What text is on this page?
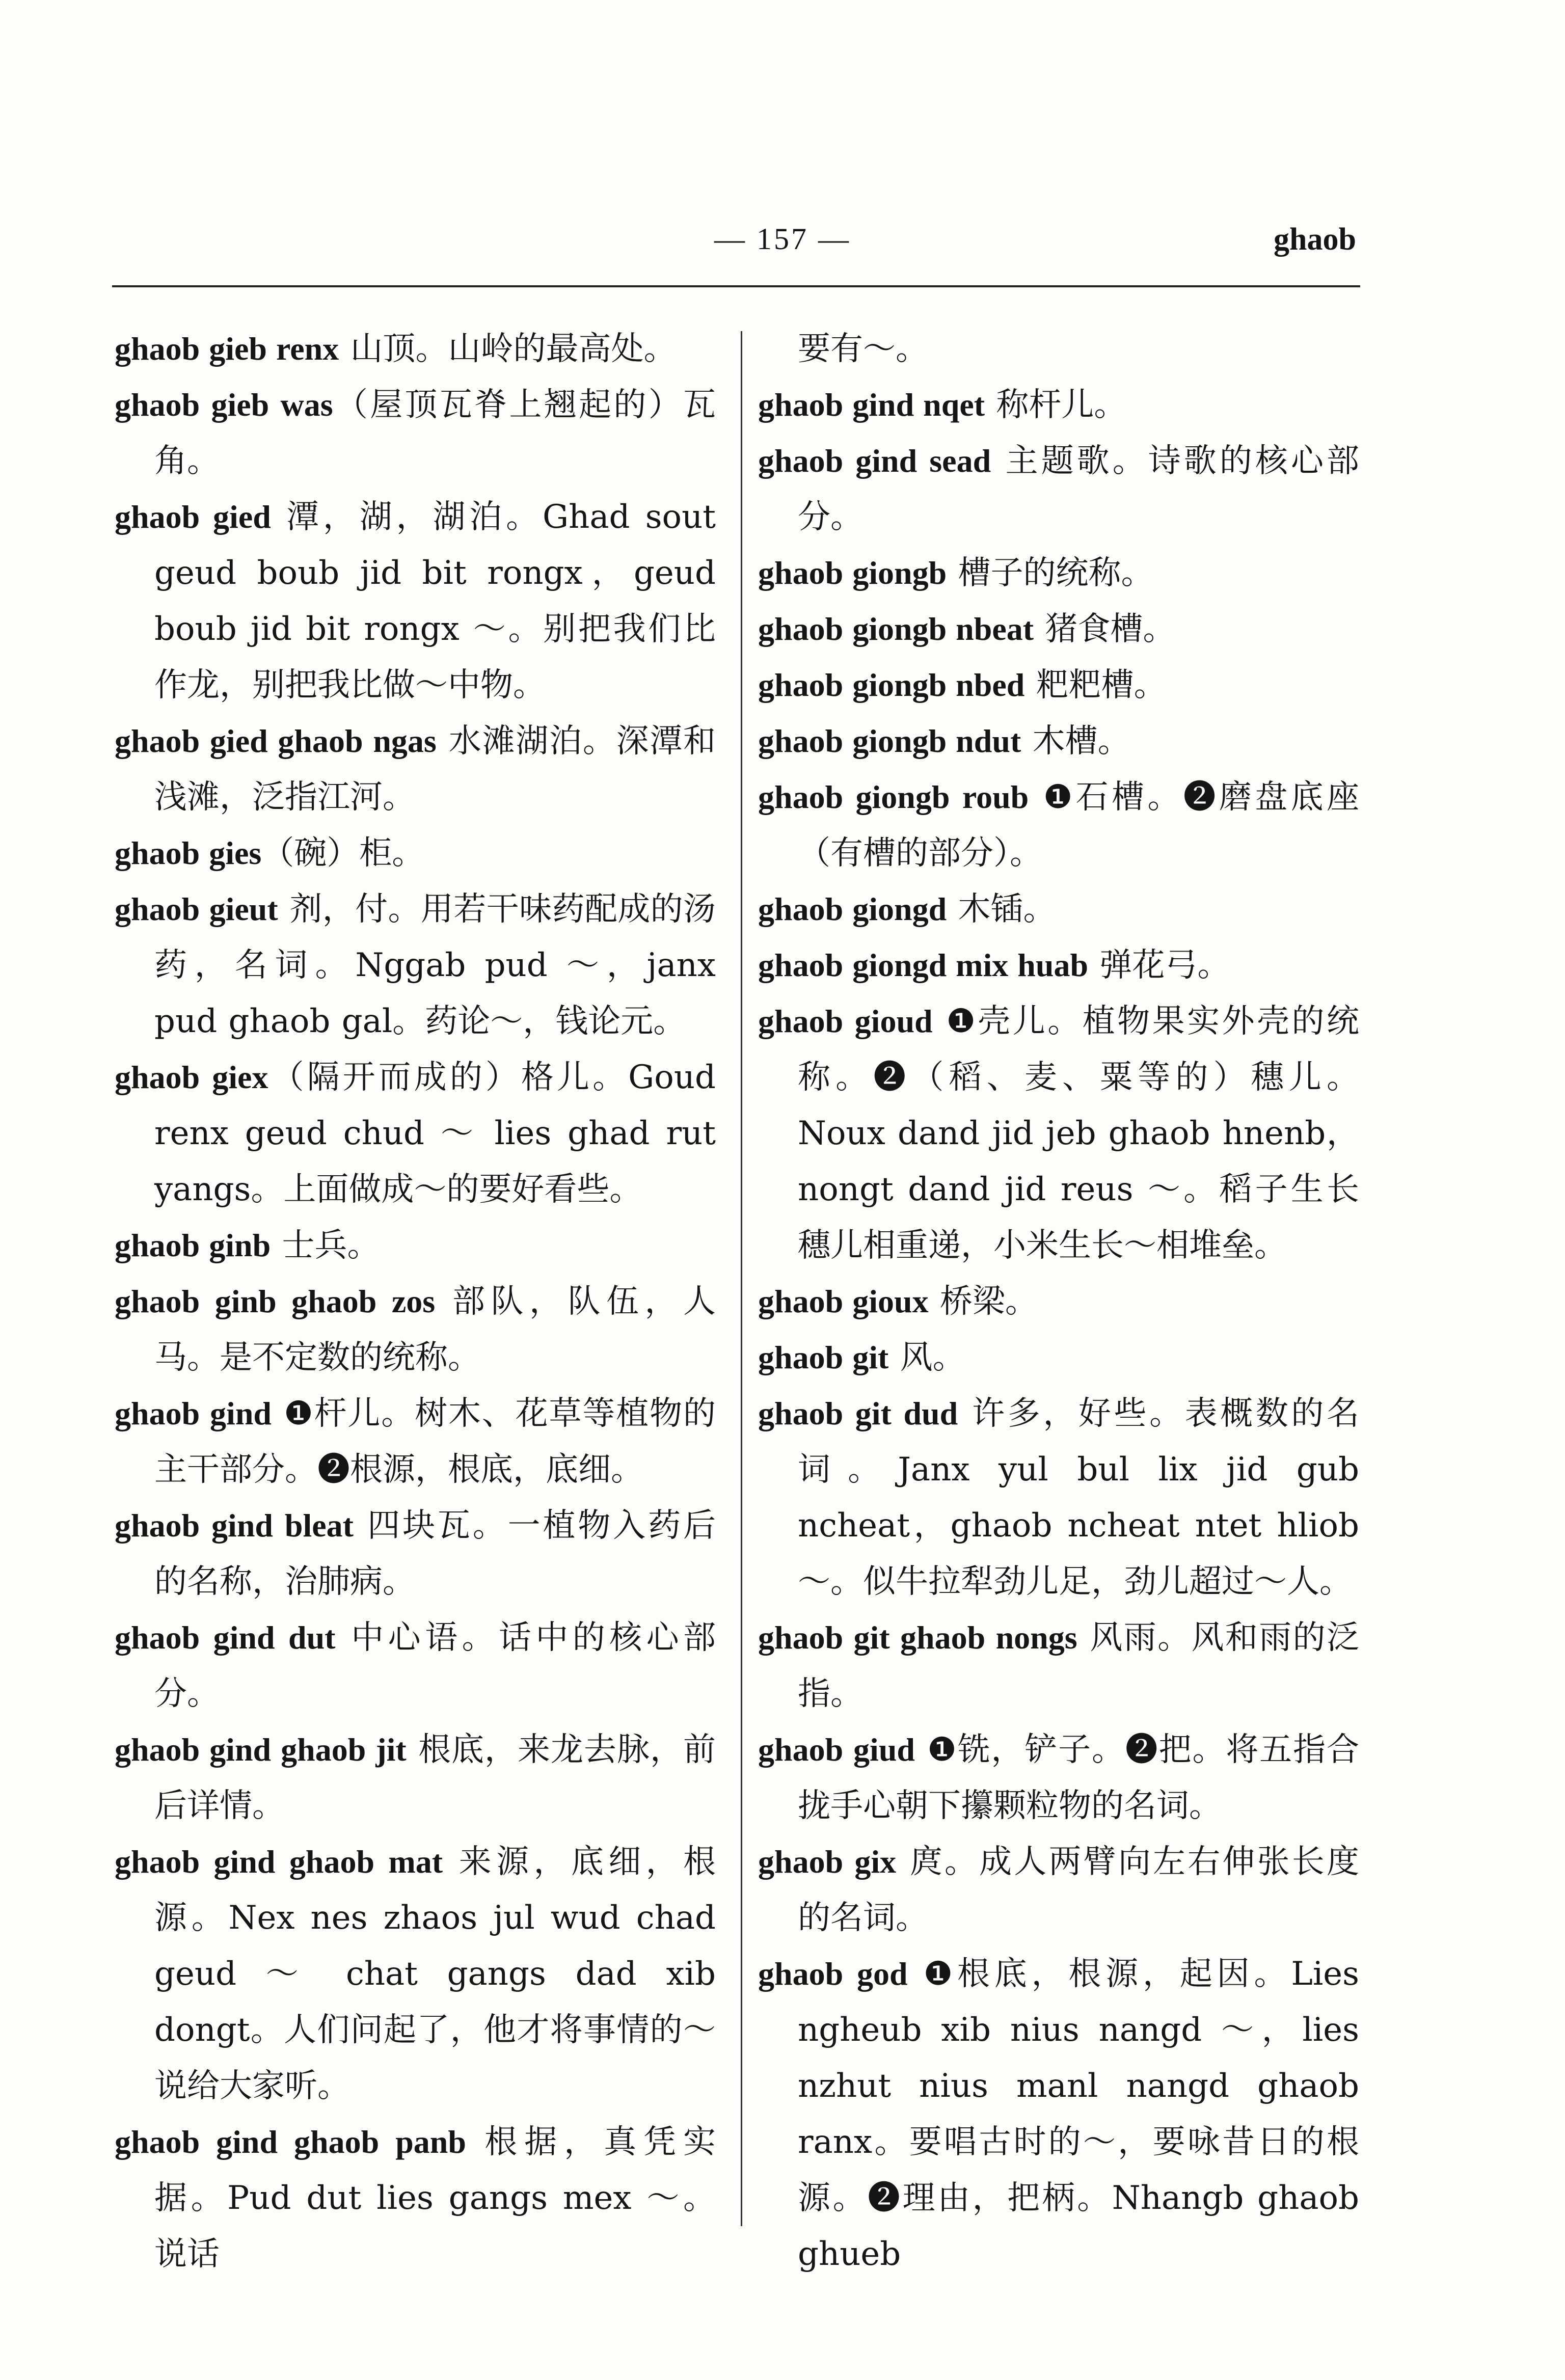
— 157 —	ghaob
ghaob gieb renx 山顶。山岭的最高处。
ghaob gieb was（屋顶瓦脊上翘起的）瓦角。
ghaob gied 潭，湖，湖泊。Ghad sout geud boub jid bit rongx，geud boub jid bit rongx ～。别把我们比作龙，别把我比做～中物。
ghaob gied ghaob ngas 水滩湖泊。深潭和浅滩，泛指江河。
ghaob gies（碗）柜。
ghaob gieut 剂，付。用若干味药配成的汤药，名词。Nggab pud ～，janx pud ghaob gal。药论～，钱论元。
ghaob giex（隔开而成的）格儿。Goud renx geud chud ～ lies ghad rut yangs。上面做成～的要好看些。
ghaob ginb 士兵。
ghaob ginb ghaob zos 部队，队伍，人马。是不定数的统称。
ghaob gind ❶杆儿。树木、花草等植物的主干部分。❷根源，根底，底细。
ghaob gind bleat 四块瓦。一植物入药后的名称，治肺病。
ghaob gind dut 中心语。话中的核心部分。
ghaob gind ghaob jit 根底，来龙去脉，前后详情。
ghaob gind ghaob mat 来源，底细，根源。Nex nes zhaos jul wud chad geud ～ chat gangs dad xib dongt。人们问起了，他才将事情的～说给大家听。
ghaob gind ghaob panb 根据，真凭实据。Pud dut lies gangs mex ～。说话
要有～。
ghaob gind nqet 称杆儿。
ghaob gind sead 主题歌。诗歌的核心部分。
ghaob giongb 槽子的统称。
ghaob giongb nbeat 猪食槽。
ghaob giongb nbed 粑粑槽。
ghaob giongb ndut 木槽。
ghaob giongb roub ❶石槽。❷磨盘底座（有槽的部分）。
ghaob giongd 木锸。
ghaob giongd mix huab 弹花弓。
ghaob gioud ❶壳儿。植物果实外壳的统称。❷（稻、麦、粟等的）穗儿。Noux dand jid jeb ghaob hnenb，nongt dand jid reus ～。稻子生长穗儿相重递，小米生长～相堆垒。
ghaob gioux 桥梁。
ghaob git 风。
ghaob git dud 许多，好些。表概数的名词。Janx yul bul lix jid gub ncheat，ghaob ncheat ntet hliob ～。似牛拉犁劲儿足，劲儿超过～人。
ghaob git ghaob nongs 风雨。风和雨的泛指。
ghaob giud ❶铣，铲子。❷把。将五指合拢手心朝下攥颗粒物的名词。
ghaob gix 庹。成人两臂向左右伸张长度的名词。
ghaob god ❶根底，根源，起因。Lies ngheub xib nius nangd ～，lies nzhut nius manl nangd ghaob ranx。要唱古时的～，要咏昔日的根源。❷理由，把柄。Nhangb ghaob ghueb
